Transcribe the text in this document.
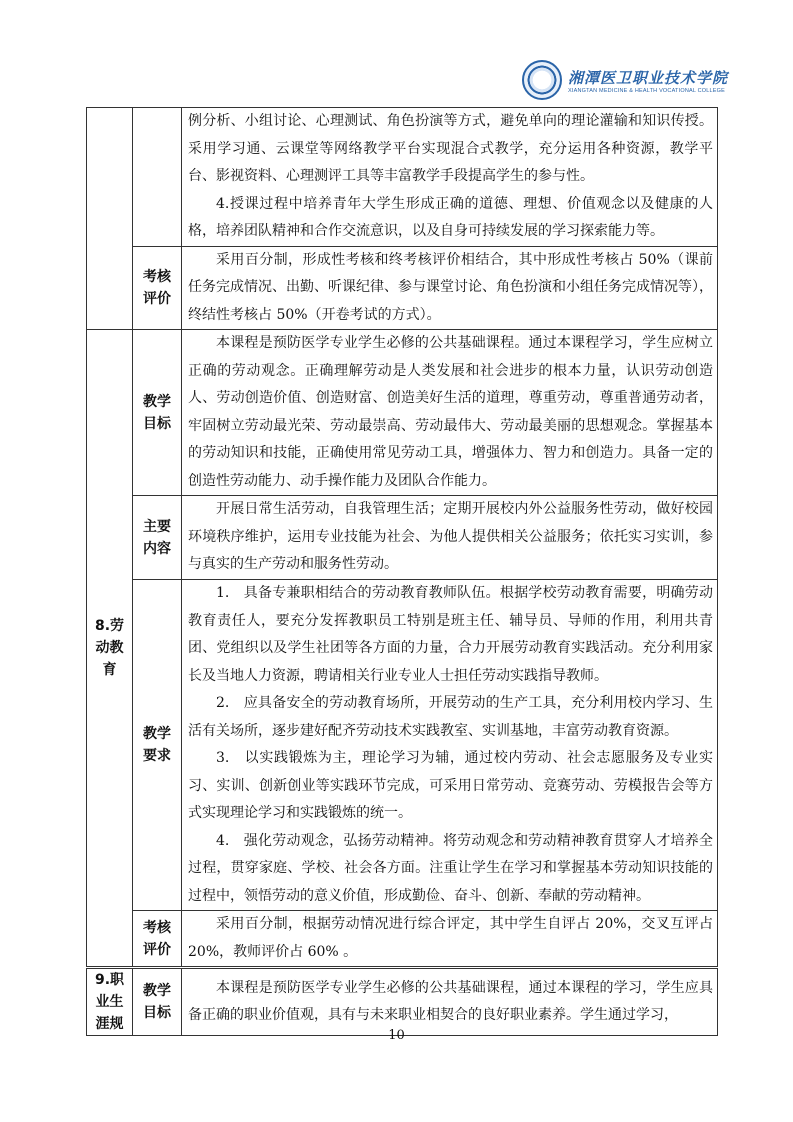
湘潭医卫职业技术学院
XIANGTAN MEDICINE & HEALTH VOCATIONAL COLLEGE

		例分析、小组讨论、心理测试、角色扮演等方式，避免单向的理论灌输和知识传授。采用学习通、云课堂等网络教学平台实现混合式教学，充分运用各种资源，教学平台、影视资料、心理测评工具等丰富教学手段提高学生的参与性。

4.授课过程中培养青年大学生形成正确的道德、理想、价值观念以及健康的人格，培养团队精神和合作交流意识，以及自身可持续发展的学习探索能力等。

	考核评价	采用百分制，形成性考核和终考核评价相结合，其中形成性考核占 50%（课前任务完成情况、出勤、听课纪律、参与课堂讨论、角色扮演和小组任务完成情况等），终结性考核占 50%（开卷考试的方式）。

8.劳动教育	教学目标	本课程是预防医学专业学生必修的公共基础课程。通过本课程学习，学生应树立正确的劳动观念。正确理解劳动是人类发展和社会进步的根本力量，认识劳动创造人、劳动创造价值、创造财富、创造美好生活的道理，尊重劳动，尊重普通劳动者，牢固树立劳动最光荣、劳动最崇高、劳动最伟大、劳动最美丽的思想观念。掌握基本的劳动知识和技能，正确使用常见劳动工具，增强体力、智力和创造力。具备一定的创造性劳动能力、动手操作能力及团队合作能力。

	主要内容	开展日常生活劳动，自我管理生活；定期开展校内外公益服务性劳动，做好校园环境秩序维护，运用专业技能为社会、为他人提供相关公益服务；依托实习实训，参与真实的生产劳动和服务性劳动。

	教学要求	1.　具备专兼职相结合的劳动教育教师队伍。根据学校劳动教育需要，明确劳动教育责任人，要充分发挥教职员工特别是班主任、辅导员、导师的作用，利用共青团、党组织以及学生社团等各方面的力量，合力开展劳动教育实践活动。充分利用家长及当地人力资源，聘请相关行业专业人士担任劳动实践指导教师。

2.　应具备安全的劳动教育场所，开展劳动的生产工具，充分利用校内学习、生活有关场所，逐步建好配齐劳动技术实践教室、实训基地，丰富劳动教育资源。

3.　以实践锻炼为主，理论学习为辅，通过校内劳动、社会志愿服务及专业实习、实训、创新创业等实践环节完成，可采用日常劳动、竞赛劳动、劳模报告会等方式实现理论学习和实践锻炼的统一。

4.　强化劳动观念，弘扬劳动精神。将劳动观念和劳动精神教育贯穿人才培养全过程，贯穿家庭、学校、社会各方面。注重让学生在学习和掌握基本劳动知识技能的过程中，领悟劳动的意义价值，形成勤俭、奋斗、创新、奉献的劳动精神。

	考核评价	采用百分制，根据劳动情况进行综合评定，其中学生自评占 20%，交叉互评占 20%，教师评价占 60% 。

9.职业生涯规	教学目标	本课程是预防医学专业学生必修的公共基础课程，通过本课程的学习，学生应具备正确的职业价值观，具有与未来职业相契合的良好职业素养。学生通过学习，

10
